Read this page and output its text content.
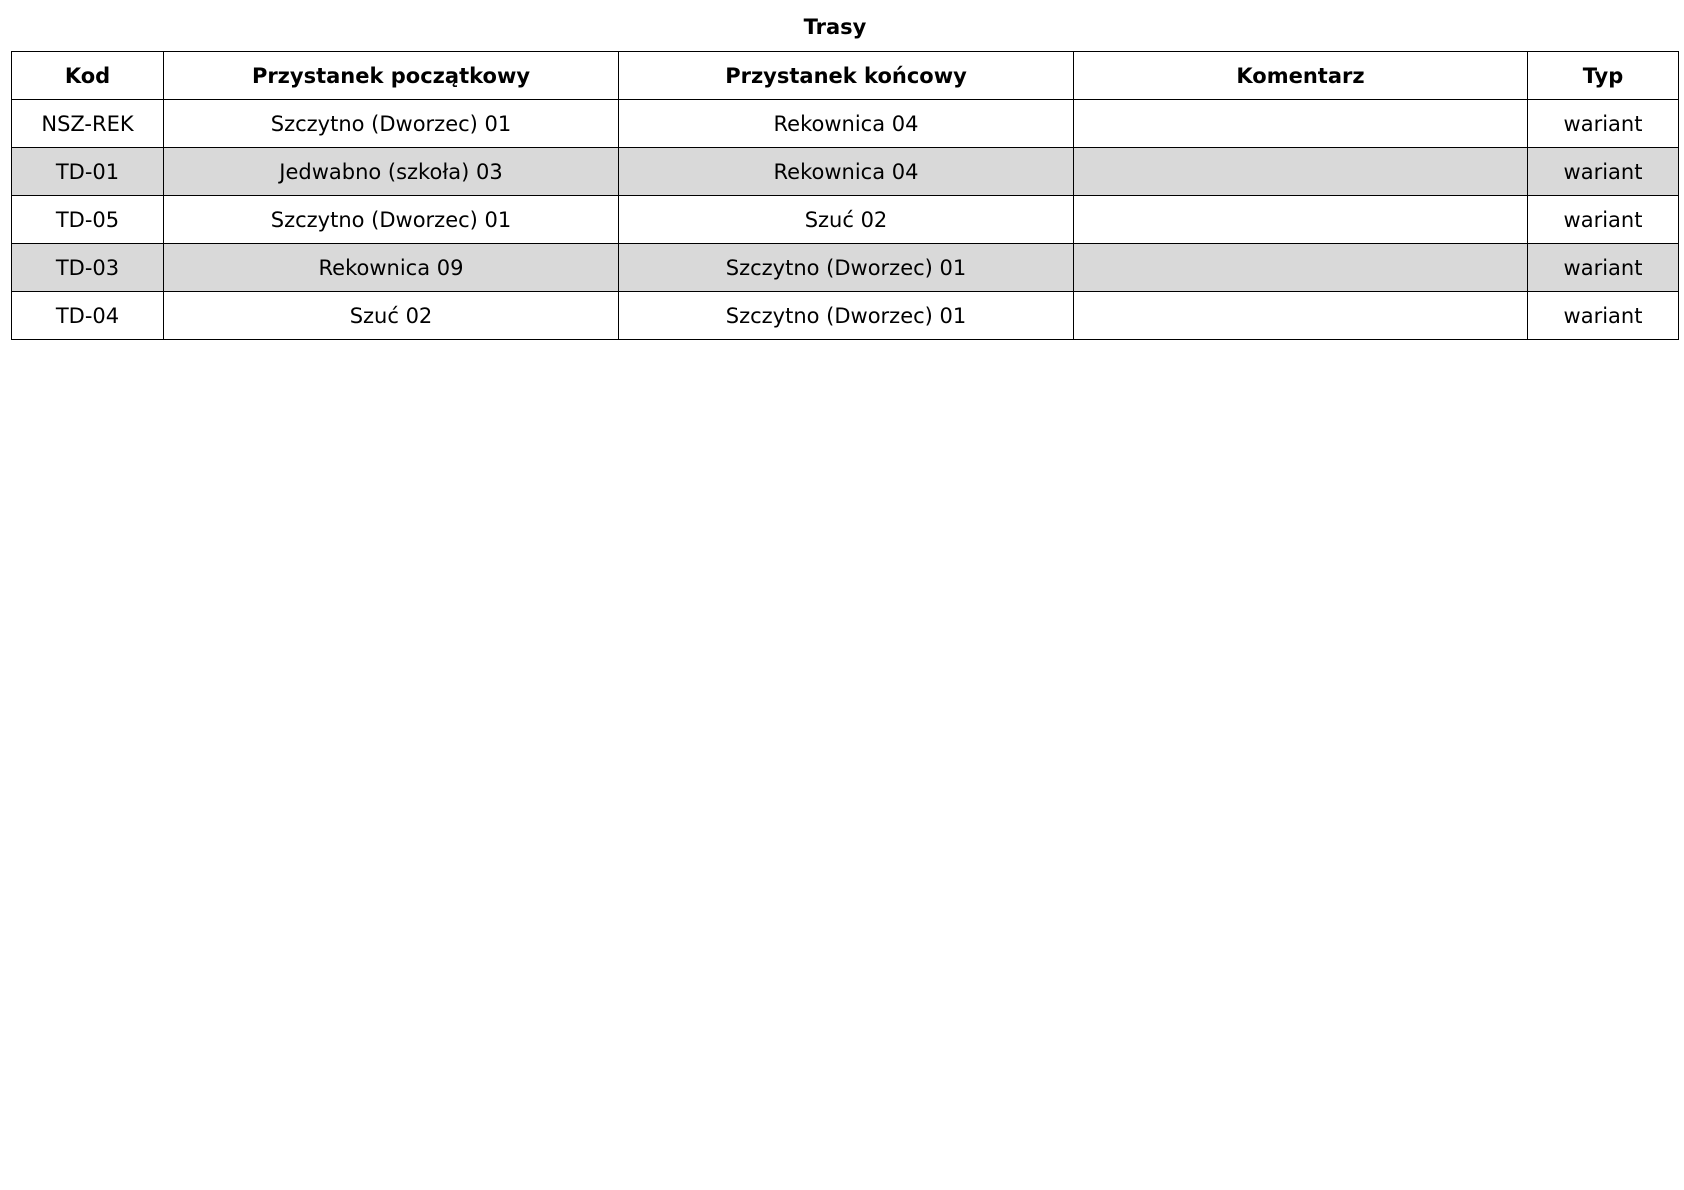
Trasy
Kod	Przystanek początkowy	Przystanek końcowy	Komentarz	Typ
NSZ-REK	Szczytno (Dworzec) 01	Rekownica 04		wariant
TD-01	Jedwabno (szkoła) 03	Rekownica 04		wariant
TD-05	Szczytno (Dworzec) 01	Szuć 02		wariant
TD-03	Rekownica 09	Szczytno (Dworzec) 01		wariant
TD-04	Szuć 02	Szczytno (Dworzec) 01		wariant
